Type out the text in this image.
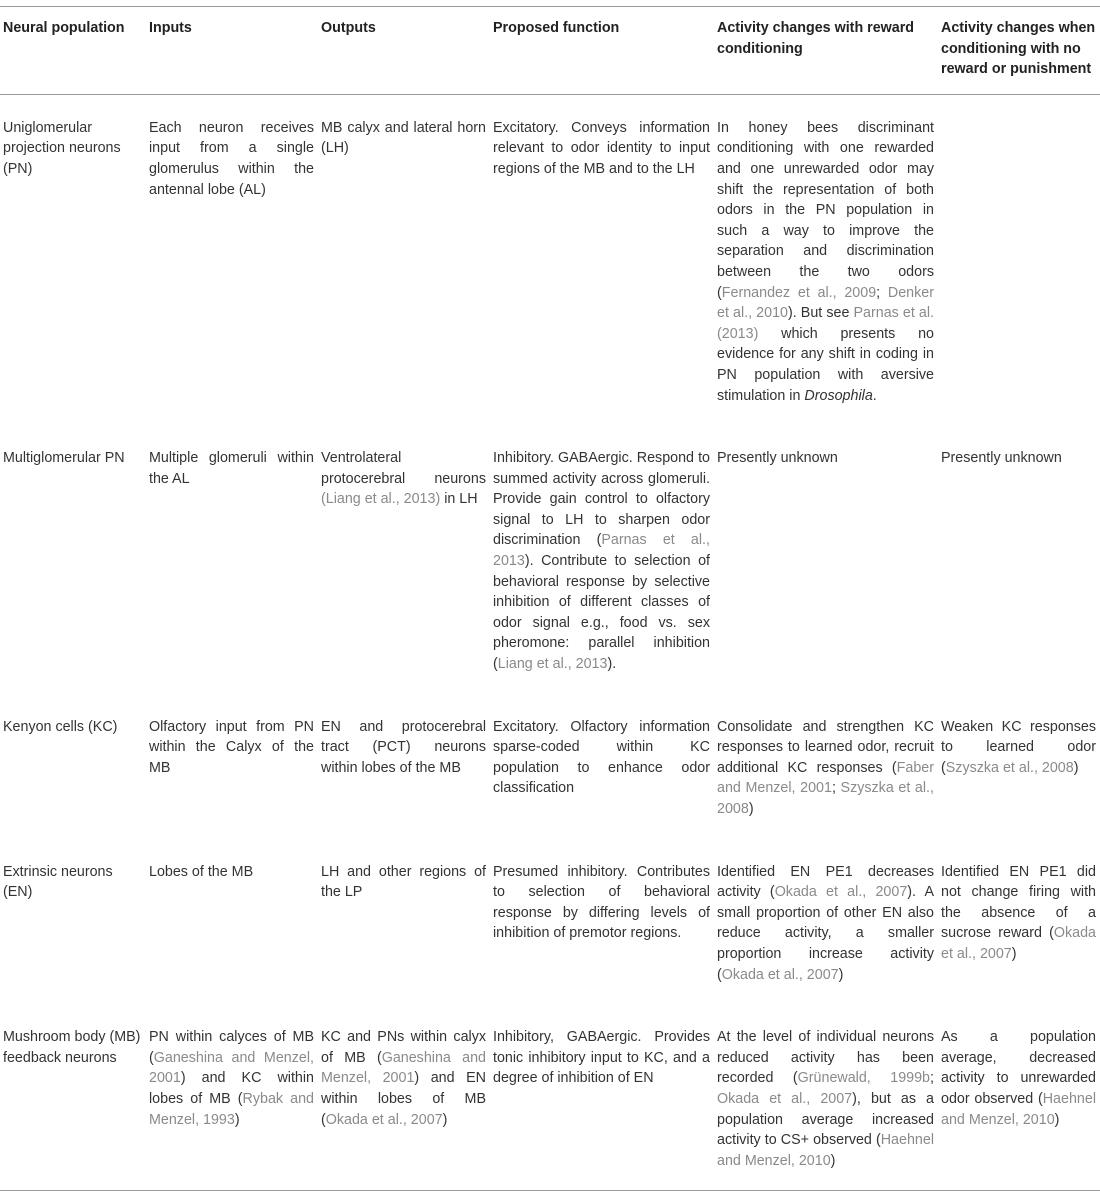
Neural population	Inputs	Outputs	Proposed function	Activity changes with reward conditioning	Activity changes when conditioning with no reward or punishment
Uniglomerular projection neurons (PN)	Each neuron receives input from a single glomerulus within the antennal lobe (AL)	MB calyx and lateral horn (LH)	Excitatory. Conveys information relevant to odor identity to input regions of the MB and to the LH	In honey bees discriminant conditioning with one rewarded and one unrewarded odor may shift the representation of both odors in the PN population in such a way to improve the separation and discrimination between the two odors (Fernandez et al., 2009; Denker et al., 2010). But see Parnas et al. (2013) which presents no evidence for any shift in coding in PN population with aversive stimulation in Drosophila.	
Multiglomerular PN	Multiple glomeruli within the AL	Ventrolateral protocerebral neurons (Liang et al., 2013) in LH	Inhibitory. GABAergic. Respond to summed activity across glomeruli. Provide gain control to olfactory signal to LH to sharpen odor discrimination (Parnas et al., 2013). Contribute to selection of behavioral response by selective inhibition of different classes of odor signal e.g., food vs. sex pheromone: parallel inhibition (Liang et al., 2013).	Presently unknown	Presently unknown
Kenyon cells (KC)	Olfactory input from PN within the Calyx of the MB	EN and protocerebral tract (PCT) neurons within lobes of the MB	Excitatory. Olfactory information sparse-coded within KC population to enhance odor classification	Consolidate and strengthen KC responses to learned odor, recruit additional KC responses (Faber and Menzel, 2001; Szyszka et al., 2008)	Weaken KC responses to learned odor (Szyszka et al., 2008)
Extrinsic neurons (EN)	Lobes of the MB	LH and other regions of the LP	Presumed inhibitory. Contributes to selection of behavioral response by differing levels of inhibition of premotor regions.	Identified EN PE1 decreases activity (Okada et al., 2007). A small proportion of other EN also reduce activity, a smaller proportion increase activity (Okada et al., 2007)	Identified EN PE1 did not change firing with the absence of a sucrose reward (Okada et al., 2007)
Mushroom body (MB) feedback neurons	PN within calyces of MB (Ganeshina and Menzel, 2001) and KC within lobes of MB (Rybak and Menzel, 1993)	KC and PNs within calyx of MB (Ganeshina and Menzel, 2001) and EN within lobes of MB (Okada et al., 2007)	Inhibitory, GABAergic. Provides tonic inhibitory input to KC, and a degree of inhibition of EN	At the level of individual neurons reduced activity has been recorded (Grünewald, 1999b; Okada et al., 2007), but as a population average increased activity to CS+ observed (Haehnel and Menzel, 2010)	As a population average, decreased activity to unrewarded odor observed (Haehnel and Menzel, 2010)
